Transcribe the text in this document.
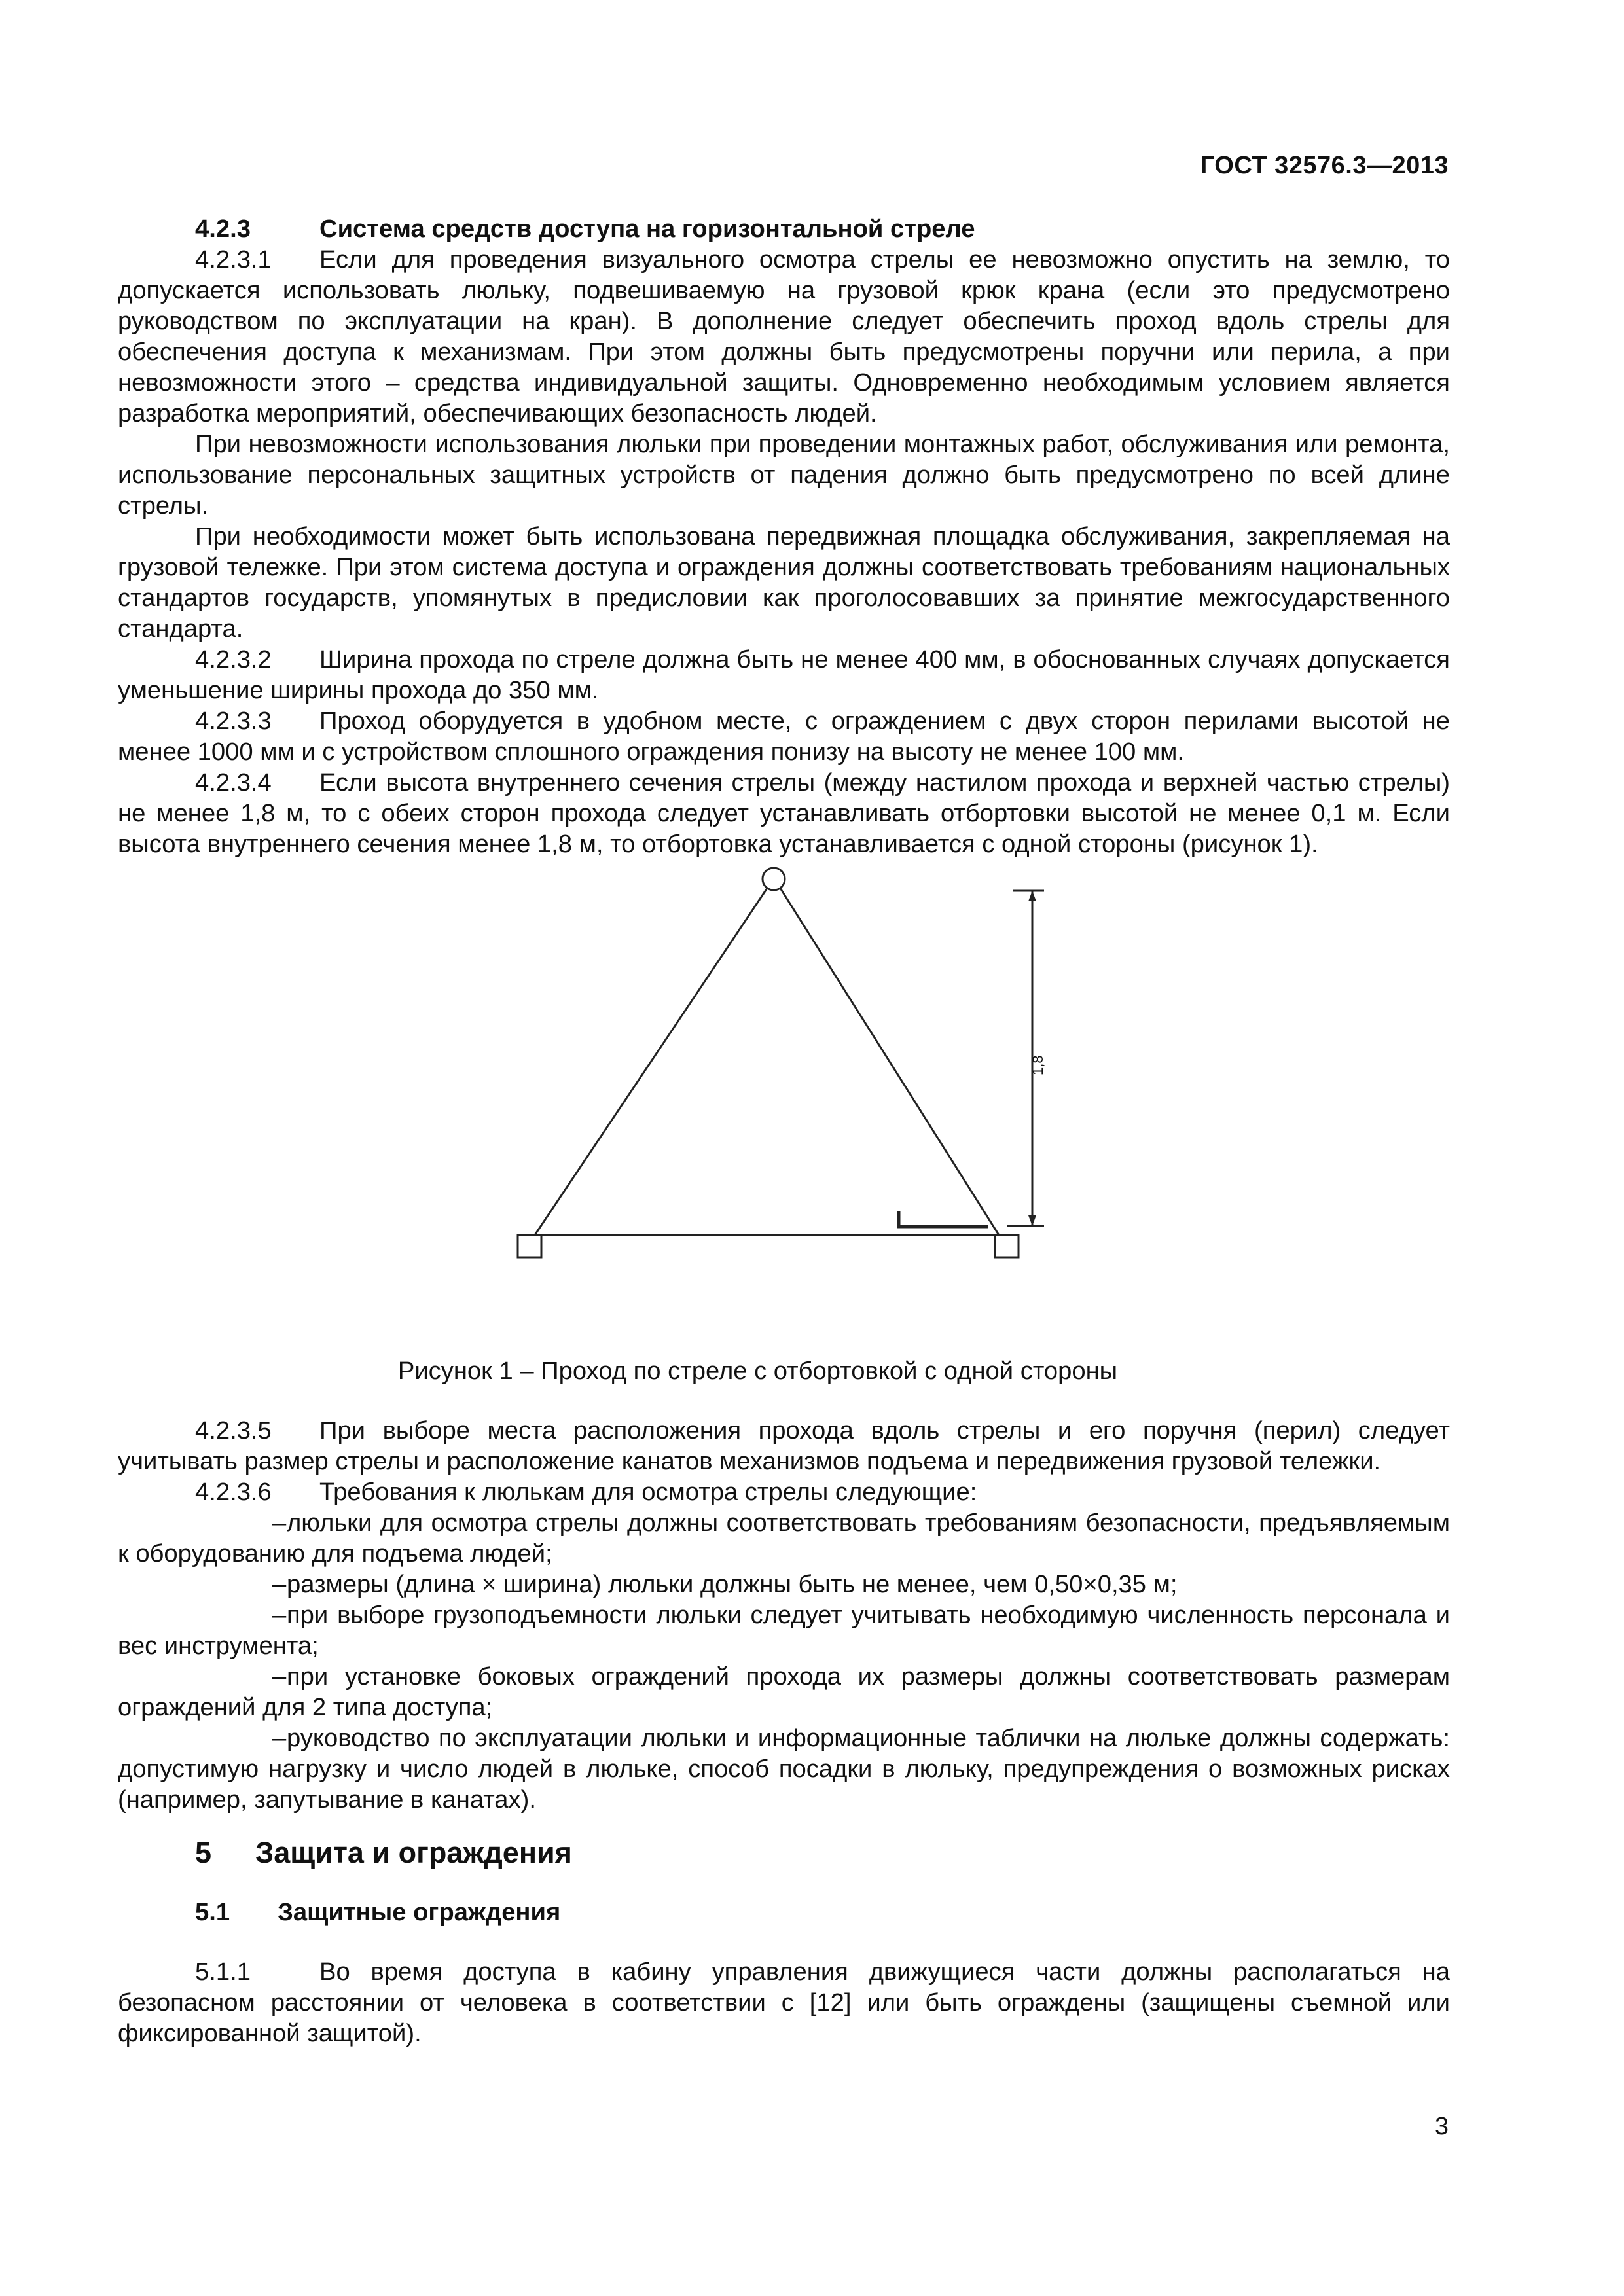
ГОСТ 32576.3—2013
4.2.3	Система средств доступа на горизонтальной стреле

4.2.3.1 Если для проведения визуального осмотра стрелы ее невозможно опустить на землю, то допускается использовать люльку, подвешиваемую на грузовой крюк крана (если это предусмотрено руководством по эксплуатации на кран). В дополнение следует обеспечить проход вдоль стрелы для обеспечения доступа к механизмам. При этом должны быть предусмотрены поручни или перила, а при невозможности этого – средства индивидуальной защиты. Одновременно необходимым условием является разработка мероприятий, обеспечивающих безопасность людей.

При невозможности использования люльки при проведении монтажных работ, обслуживания или ремонта, использование персональных защитных устройств от падения должно быть предусмотрено по всей длине стрелы.

При необходимости может быть использована передвижная площадка обслуживания, закрепляемая на грузовой тележке. При этом система доступа и ограждения должны соответствовать требованиям национальных стандартов государств, упомянутых в предисловии как проголосовавших за принятие межгосударственного стандарта.

4.2.3.2 Ширина прохода по стреле должна быть не менее 400 мм, в обоснованных случаях допускается уменьшение ширины прохода до 350 мм.

4.2.3.3 Проход оборудуется в удобном месте, с ограждением с двух сторон перилами высотой не менее 1000 мм и с устройством сплошного ограждения понизу на высоту не менее 100 мм.

4.2.3.4 Если высота внутреннего сечения стрелы (между настилом прохода и верхней частью стрелы) не менее 1,8 м, то с обеих сторон прохода следует устанавливать отбортовки высотой не менее 0,1 м. Если высота внутреннего сечения менее 1,8 м, то отбортовка устанавливается с одной стороны (рисунок 1).

1,8

Рисунок 1 – Проход по стреле с отбортовкой с одной стороны

4.2.3.5 При выборе места расположения прохода вдоль стрелы и его поручня (перил) следует учитывать размер стрелы и расположение канатов механизмов подъема и передвижения грузовой тележки.

4.2.3.6 Требования к люлькам для осмотра стрелы следующие:

–люльки для осмотра стрелы должны соответствовать требованиям безопасности, предъявляемым к оборудованию для подъема людей;

–размеры (длина × ширина) люльки должны быть не менее, чем 0,50×0,35 м;

–при выборе грузоподъемности люльки следует учитывать необходимую численность персонала и вес инструмента;

–при установке боковых ограждений прохода их размеры должны соответствовать размерам ограждений для 2 типа доступа;

–руководство по эксплуатации люльки и информационные таблички на люльке должны содержать: допустимую нагрузку и число людей в люльке, способ посадки в люльку, предупреждения о возможных рисках (например, запутывание в канатах).

5 Защита и ограждения
5.1 Защитные ограждения

5.1.1	Во время доступа в кабину управления движущиеся части должны располагаться на безопасном расстоянии от человека в соответствии с [12] или быть ограждены (защищены съемной или фиксированной защитой).

3
